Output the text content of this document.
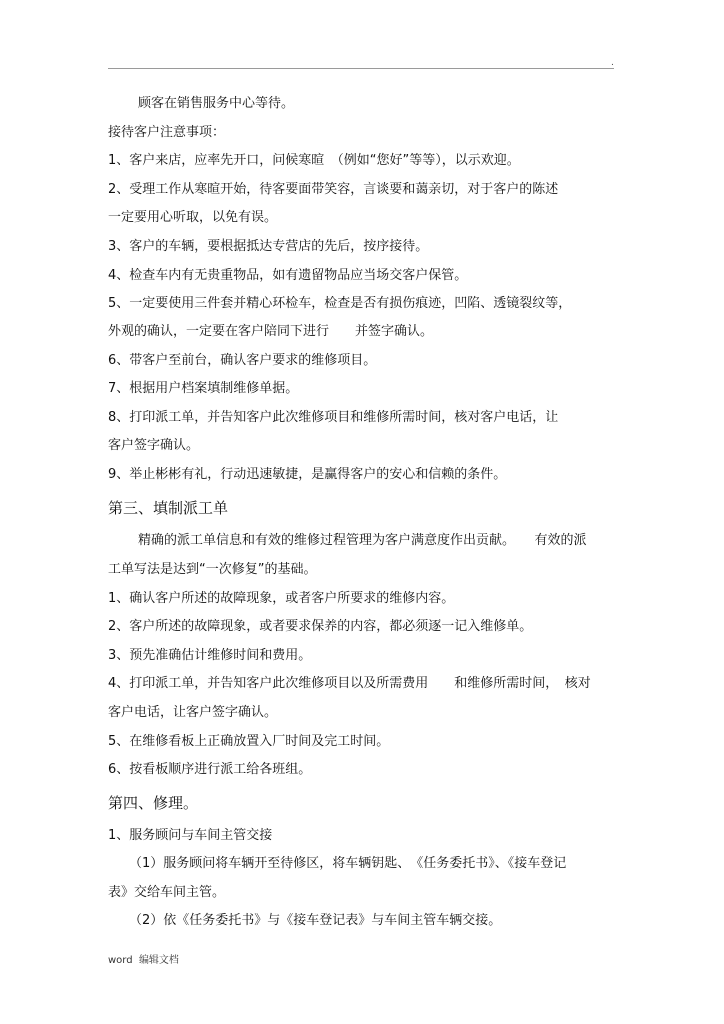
.
顾客在销售服务中心等待。
接待客户注意事项：
1、客户来店，应率先开口，问候寒暄　（例如“您好”等等），以示欢迎。
2、受理工作从寒暄开始，待客要面带笑容，言谈要和蔼亲切，对于客户的陈述
一定要用心听取，以免有误。
3、客户的车辆，要根据抵达专营店的先后，按序接待。
4、检查车内有无贵重物品，如有遗留物品应当场交客户保管。
5、一定要使用三件套并精心环检车，检查是否有损伤痕迹，凹陷、透镜裂纹等，
外观的确认，一定要在客户陪同下进行　　并签字确认。
6、带客户至前台，确认客户要求的维修项目。
7、根据用户档案填制维修单据。
8、打印派工单，并告知客户此次维修项目和维修所需时间，核对客户电话，让
客户签字确认。
9、举止彬彬有礼，行动迅速敏捷，是赢得客户的安心和信赖的条件。
第三、填制派工单
精确的派工单信息和有效的维修过程管理为客户满意度作出贡献。　　有效的派
工单写法是达到“一次修复”的基础。
1、确认客户所述的故障现象，或者客户所要求的维修内容。
2、客户所述的故障现象，或者要求保养的内容，都必须逐一记入维修单。
3、预先准确估计维修时间和费用。
4、打印派工单，并告知客户此次维修项目以及所需费用　　和维修所需时间，　核对
客户电话，让客户签字确认。
5、在维修看板上正确放置入厂时间及完工时间。
6、按看板顺序进行派工给各班组。
第四、修理。
1、服务顾问与车间主管交接
（1）服务顾问将车辆开至待修区，将车辆钥匙、　《任务委托书》、《接车登记
表》交给车间主管。
（2）依《任务委托书》与《接车登记表》与车间主管车辆交接。
word  编辑文档
